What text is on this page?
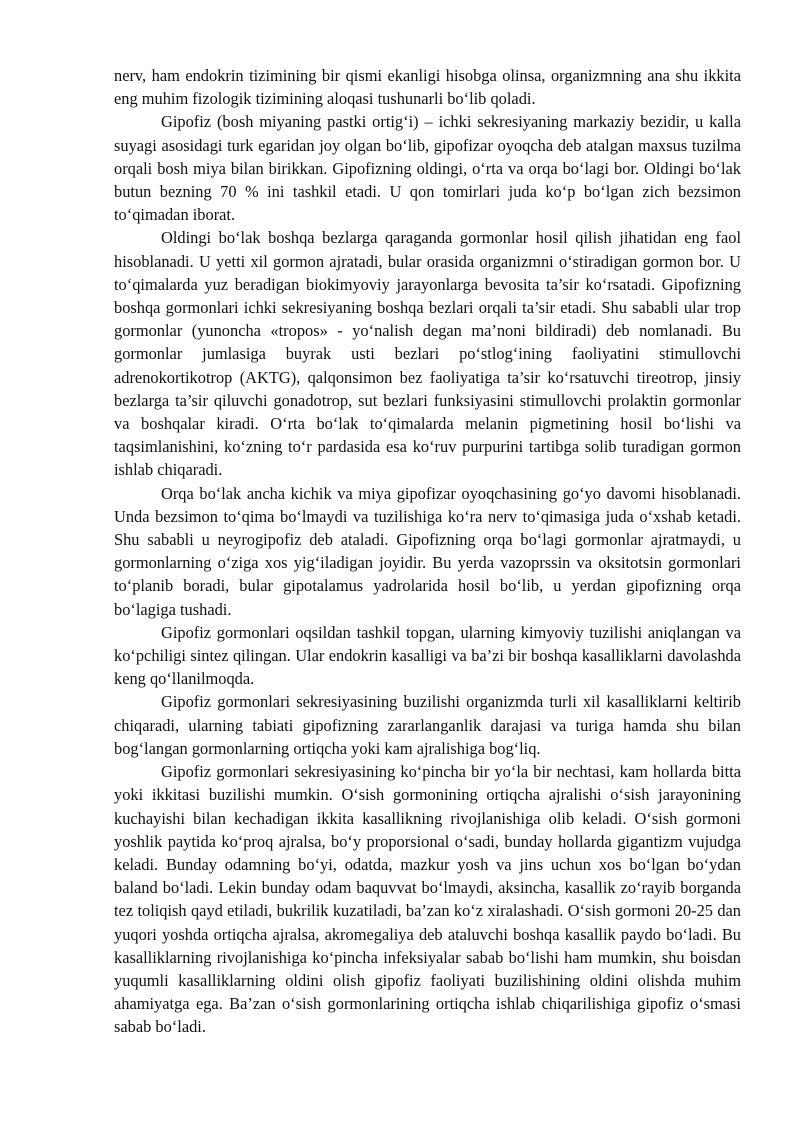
nerv, ham endokrin tizimining bir qismi ekanligi hisobga olinsa, organizmning ana shu ikkita eng muhim fizologik tizimining aloqasi tushunarli bo‘lib qoladi.

Gipofiz (bosh miyaning pastki ortig‘i) – ichki sekresiyaning markaziy bezidir, u kalla suyagi asosidagi turk egaridan joy olgan bo‘lib, gipofizar oyoqcha deb atalgan maxsus tuzilma orqali bosh miya bilan birikkan. Gipofizning oldingi, o‘rta va orqa bo‘lagi bor. Oldingi bo‘lak butun bezning 70 % ini tashkil etadi. U qon tomirlari juda ko‘p bo‘lgan zich bezsimon to‘qimadan iborat.

Oldingi bo‘lak boshqa bezlarga qaraganda gormonlar hosil qilish jihatidan eng faol hisoblanadi. U yetti xil gormon ajratadi, bular orasida organizmni o‘stiradigan gormon bor. U to‘qimalarda yuz beradigan biokimyoviy jarayonlarga bevosita ta’sir ko‘rsatadi. Gipofizning boshqa gormonlari ichki sekresiyaning boshqa bezlari orqali ta’sir etadi. Shu sababli ular trop gormonlar (yunoncha «tropos» - yo‘nalish degan ma’noni bildiradi) deb nomlanadi. Bu gormonlar jumlasiga buyrak usti bezlari po‘stlog‘ining faoliyatini stimullovchi adrenokortikotrop (AKTG), qalqonsimon bez faoliyatiga ta’sir ko‘rsatuvchi tireotrop, jinsiy bezlarga ta’sir qiluvchi gonadotrop, sut bezlari funksiyasini stimullovchi prolaktin gormonlar va boshqalar kiradi. O‘rta bo‘lak to‘qimalarda melanin pigmetining hosil bo‘lishi va taqsimlanishini, ko‘zning to‘r pardasida esa ko‘ruv purpurini tartibga solib turadigan gormon ishlab chiqaradi.

Orqa bo‘lak ancha kichik va miya gipofizar oyoqchasining go‘yo davomi hisoblanadi. Unda bezsimon to‘qima bo‘lmaydi va tuzilishiga ko‘ra nerv to‘qimasiga juda o‘xshab ketadi. Shu sababli u neyrogipofiz deb ataladi. Gipofizning orqa bo‘lagi gormonlar ajratmaydi, u gormonlarning o‘ziga xos yig‘iladigan joyidir. Bu yerda vazoprssin va oksitotsin gormonlari to‘planib boradi, bular gipotalamus yadrolarida hosil bo‘lib, u yerdan gipofizning orqa bo‘lagiga tushadi.

Gipofiz gormonlari oqsildan tashkil topgan, ularning kimyoviy tuzilishi aniqlangan va ko‘pchiligi sintez qilingan. Ular endokrin kasalligi va ba’zi bir boshqa kasalliklarni davolashda keng qo‘llanilmoqda.

Gipofiz gormonlari sekresiyasining buzilishi organizmda turli xil kasalliklarni keltirib chiqaradi, ularning tabiati gipofizning zararlanganlik darajasi va turiga hamda shu bilan bog‘langan gormonlarning ortiqcha yoki kam ajralishiga bog‘liq.

Gipofiz gormonlari sekresiyasining ko‘pincha bir yo‘la bir nechtasi, kam hollarda bitta yoki ikkitasi buzilishi mumkin. O‘sish gormonining ortiqcha ajralishi o‘sish jarayonining kuchayishi bilan kechadigan ikkita kasallikning rivojlanishiga olib keladi. O‘sish gormoni yoshlik paytida ko‘proq ajralsa, bo‘y proporsional o‘sadi, bunday hollarda gigantizm vujudga keladi. Bunday odamning bo‘yi, odatda, mazkur yosh va jins uchun xos bo‘lgan bo‘ydan baland bo‘ladi. Lekin bunday odam baquvvat bo‘lmaydi, aksincha, kasallik zo‘rayib borganda tez toliqish qayd etiladi, bukrilik kuzatiladi, ba’zan ko‘z xiralashadi. O‘sish gormoni 20-25 dan yuqori yoshda ortiqcha ajralsa, akromegaliya deb ataluvchi boshqa kasallik paydo bo‘ladi. Bu kasalliklarning rivojlanishiga ko‘pincha infeksiyalar sabab bo‘lishi ham mumkin, shu boisdan yuqumli kasalliklarning oldini olish gipofiz faoliyati buzilishining oldini olishda muhim ahamiyatga ega. Ba’zan o‘sish gormonlarining ortiqcha ishlab chiqarilishiga gipofiz o‘smasi sabab bo‘ladi.
